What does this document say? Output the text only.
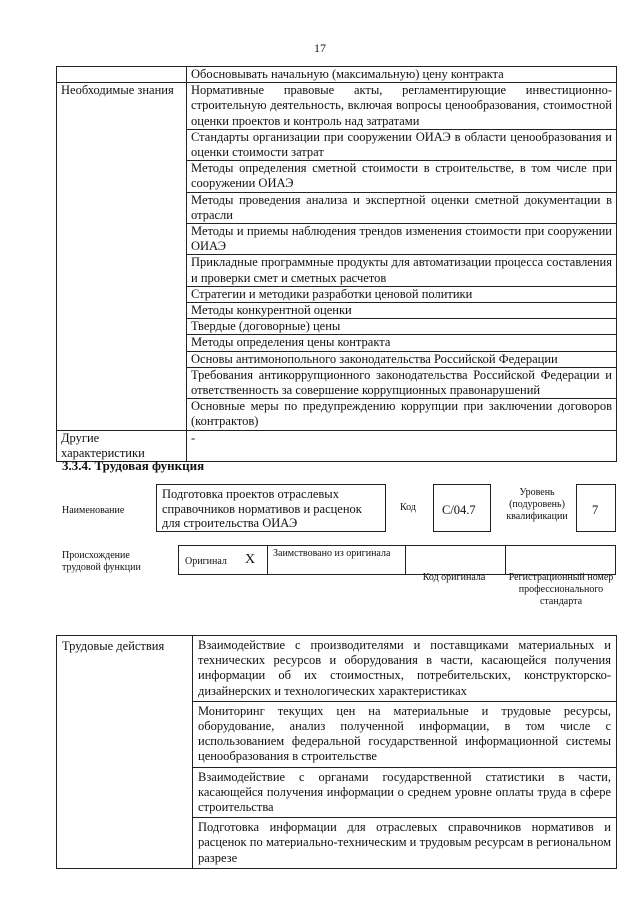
17
	Обосновывать начальную (максимальную) цену контракта
Необходимые знания	Нормативные правовые акты, регламентирующие инвестиционно-строительную деятельность, включая вопросы ценообразования, стоимостной оценки проектов и контроль над затратами
	Стандарты организации при сооружении ОИАЭ в области ценообразования и оценки стоимости затрат
	Методы определения сметной стоимости в строительстве, в том числе при сооружении ОИАЭ
	Методы проведения анализа и экспертной оценки сметной документации в отрасли
	Методы и приемы наблюдения трендов изменения стоимости при сооружении ОИАЭ
	Прикладные программные продукты для автоматизации процесса составления и проверки смет и сметных расчетов
	Стратегии и методики разработки ценовой политики
	Методы конкурентной оценки
	Твердые (договорные) цены
	Методы определения цены контракта
	Основы антимонопольного законодательства Российской Федерации
	Требования антикоррупционного законодательства Российской Федерации и ответственность за совершение коррупционных правонарушений
	Основные меры по предупреждению коррупции при заключении договоров (контрактов)
Другие характеристики	-
3.3.4. Трудовая функция
Наименование
Подготовка проектов отраслевых справочников нормативов и расценок для строительства ОИАЭ
Код	C/04.7
Уровень (подуровень) квалификации	7
Происхождение трудовой функции
Оригинал X Заимствовано из оригинала
Код оригинала	Регистрационный номер профессионального стандарта
Трудовые действия	Взаимодействие с производителями и поставщиками материальных и технических ресурсов и оборудования в части, касающейся получения информации об их стоимостных, потребительских, конструкторско-дизайнерских и технологических характеристиках
Мониторинг текущих цен на материальные и трудовые ресурсы, оборудование, анализ полученной информации, в том числе с использованием федеральной государственной информационной системы ценообразования в строительстве
Взаимодействие с органами государственной статистики в части, касающейся получения информации о среднем уровне оплаты труда в сфере строительства
Подготовка информации для отраслевых справочников нормативов и расценок по материально-техническим и трудовым ресурсам в региональном разрезе
